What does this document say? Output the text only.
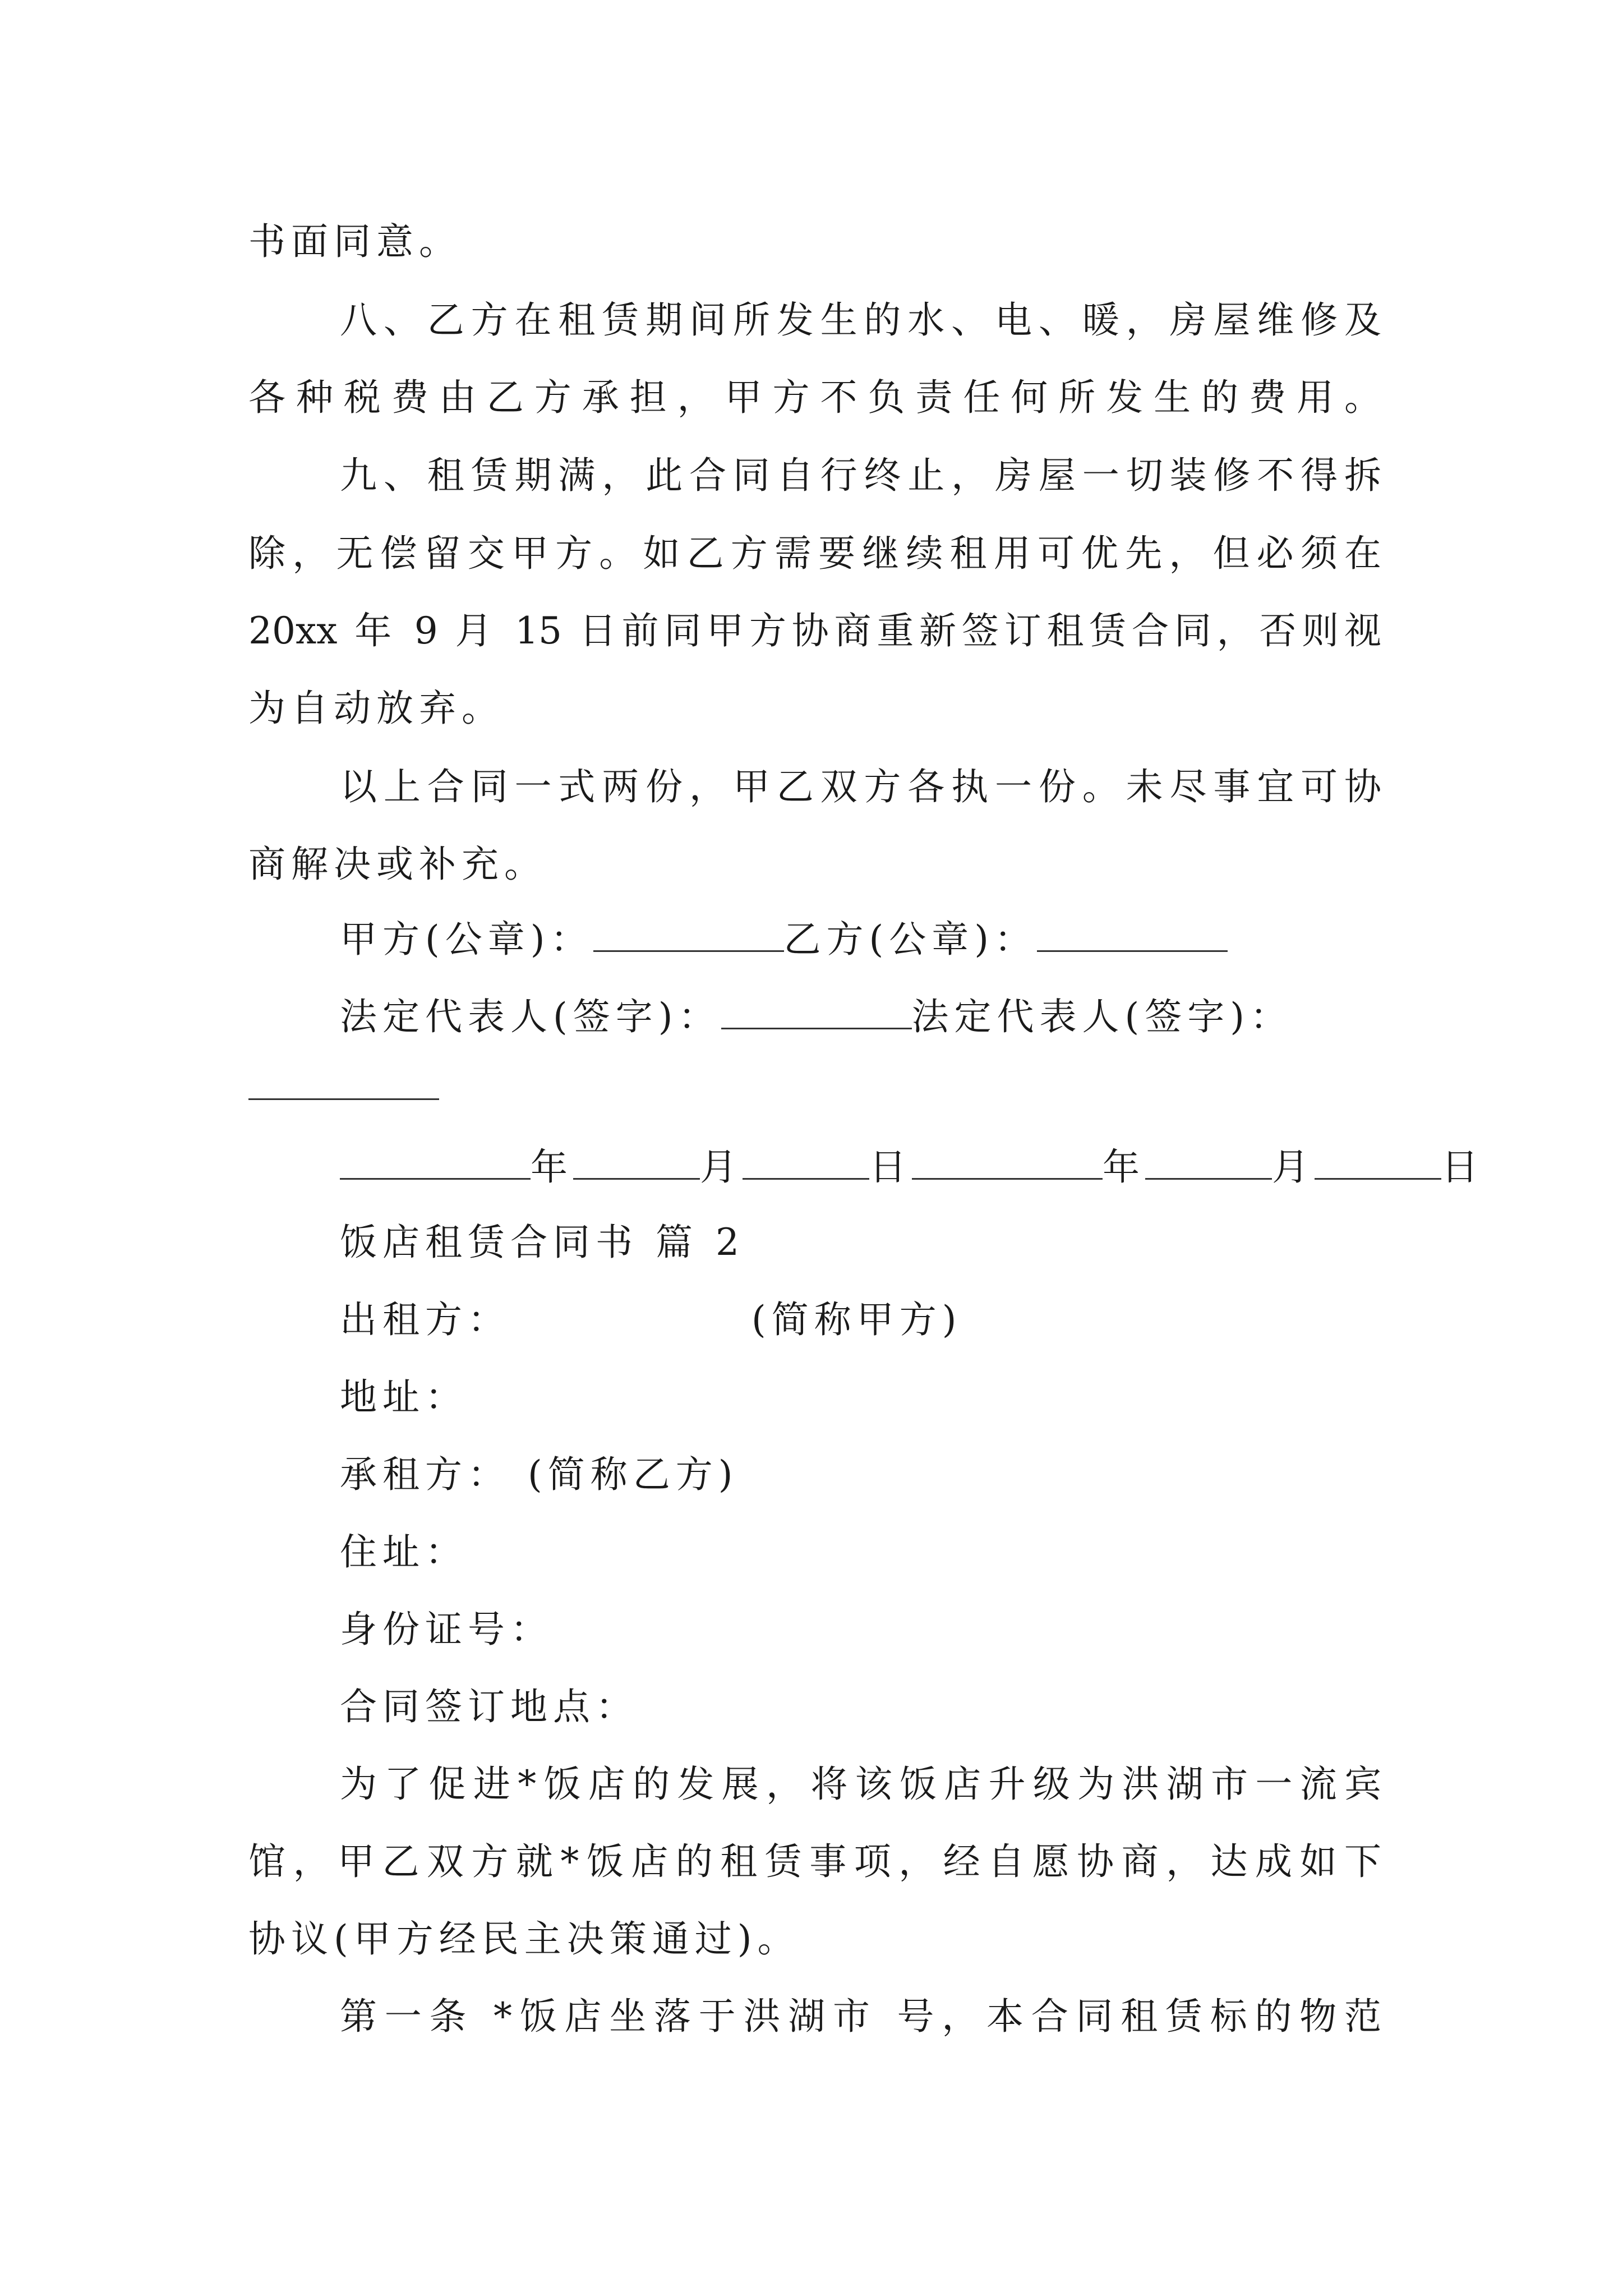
书面同意。
八、乙方在租赁期间所发生的水、电、暖，房屋维修及
各种税费由乙方承担，甲方不负责任何所发生的费用。
九、租赁期满，此合同自行终止，房屋一切装修不得拆
除，无偿留交甲方。如乙方需要继续租用可优先，但必须在
20xx 年 9 月 15 日前同甲方协商重新签订租赁合同，否则视
为自动放弃。
以上合同一式两份，甲乙双方各执一份。未尽事宜可协
商解决或补充。
甲方(公章)：	乙方(公章)：
法定代表人(签字)：	法定代表人(签字)：
年	月	日	年	月	日
饭店租赁合同书 篇 2
出租方：	(简称甲方)
地址：
承租方： (简称乙方)
住址：
身份证号：
合同签订地点：
为了促进*饭店的发展，将该饭店升级为洪湖市一流宾
馆，甲乙双方就*饭店的租赁事项，经自愿协商，达成如下
协议(甲方经民主决策通过)。
第一条 *饭店坐落于洪湖市 号，本合同租赁标的物范
